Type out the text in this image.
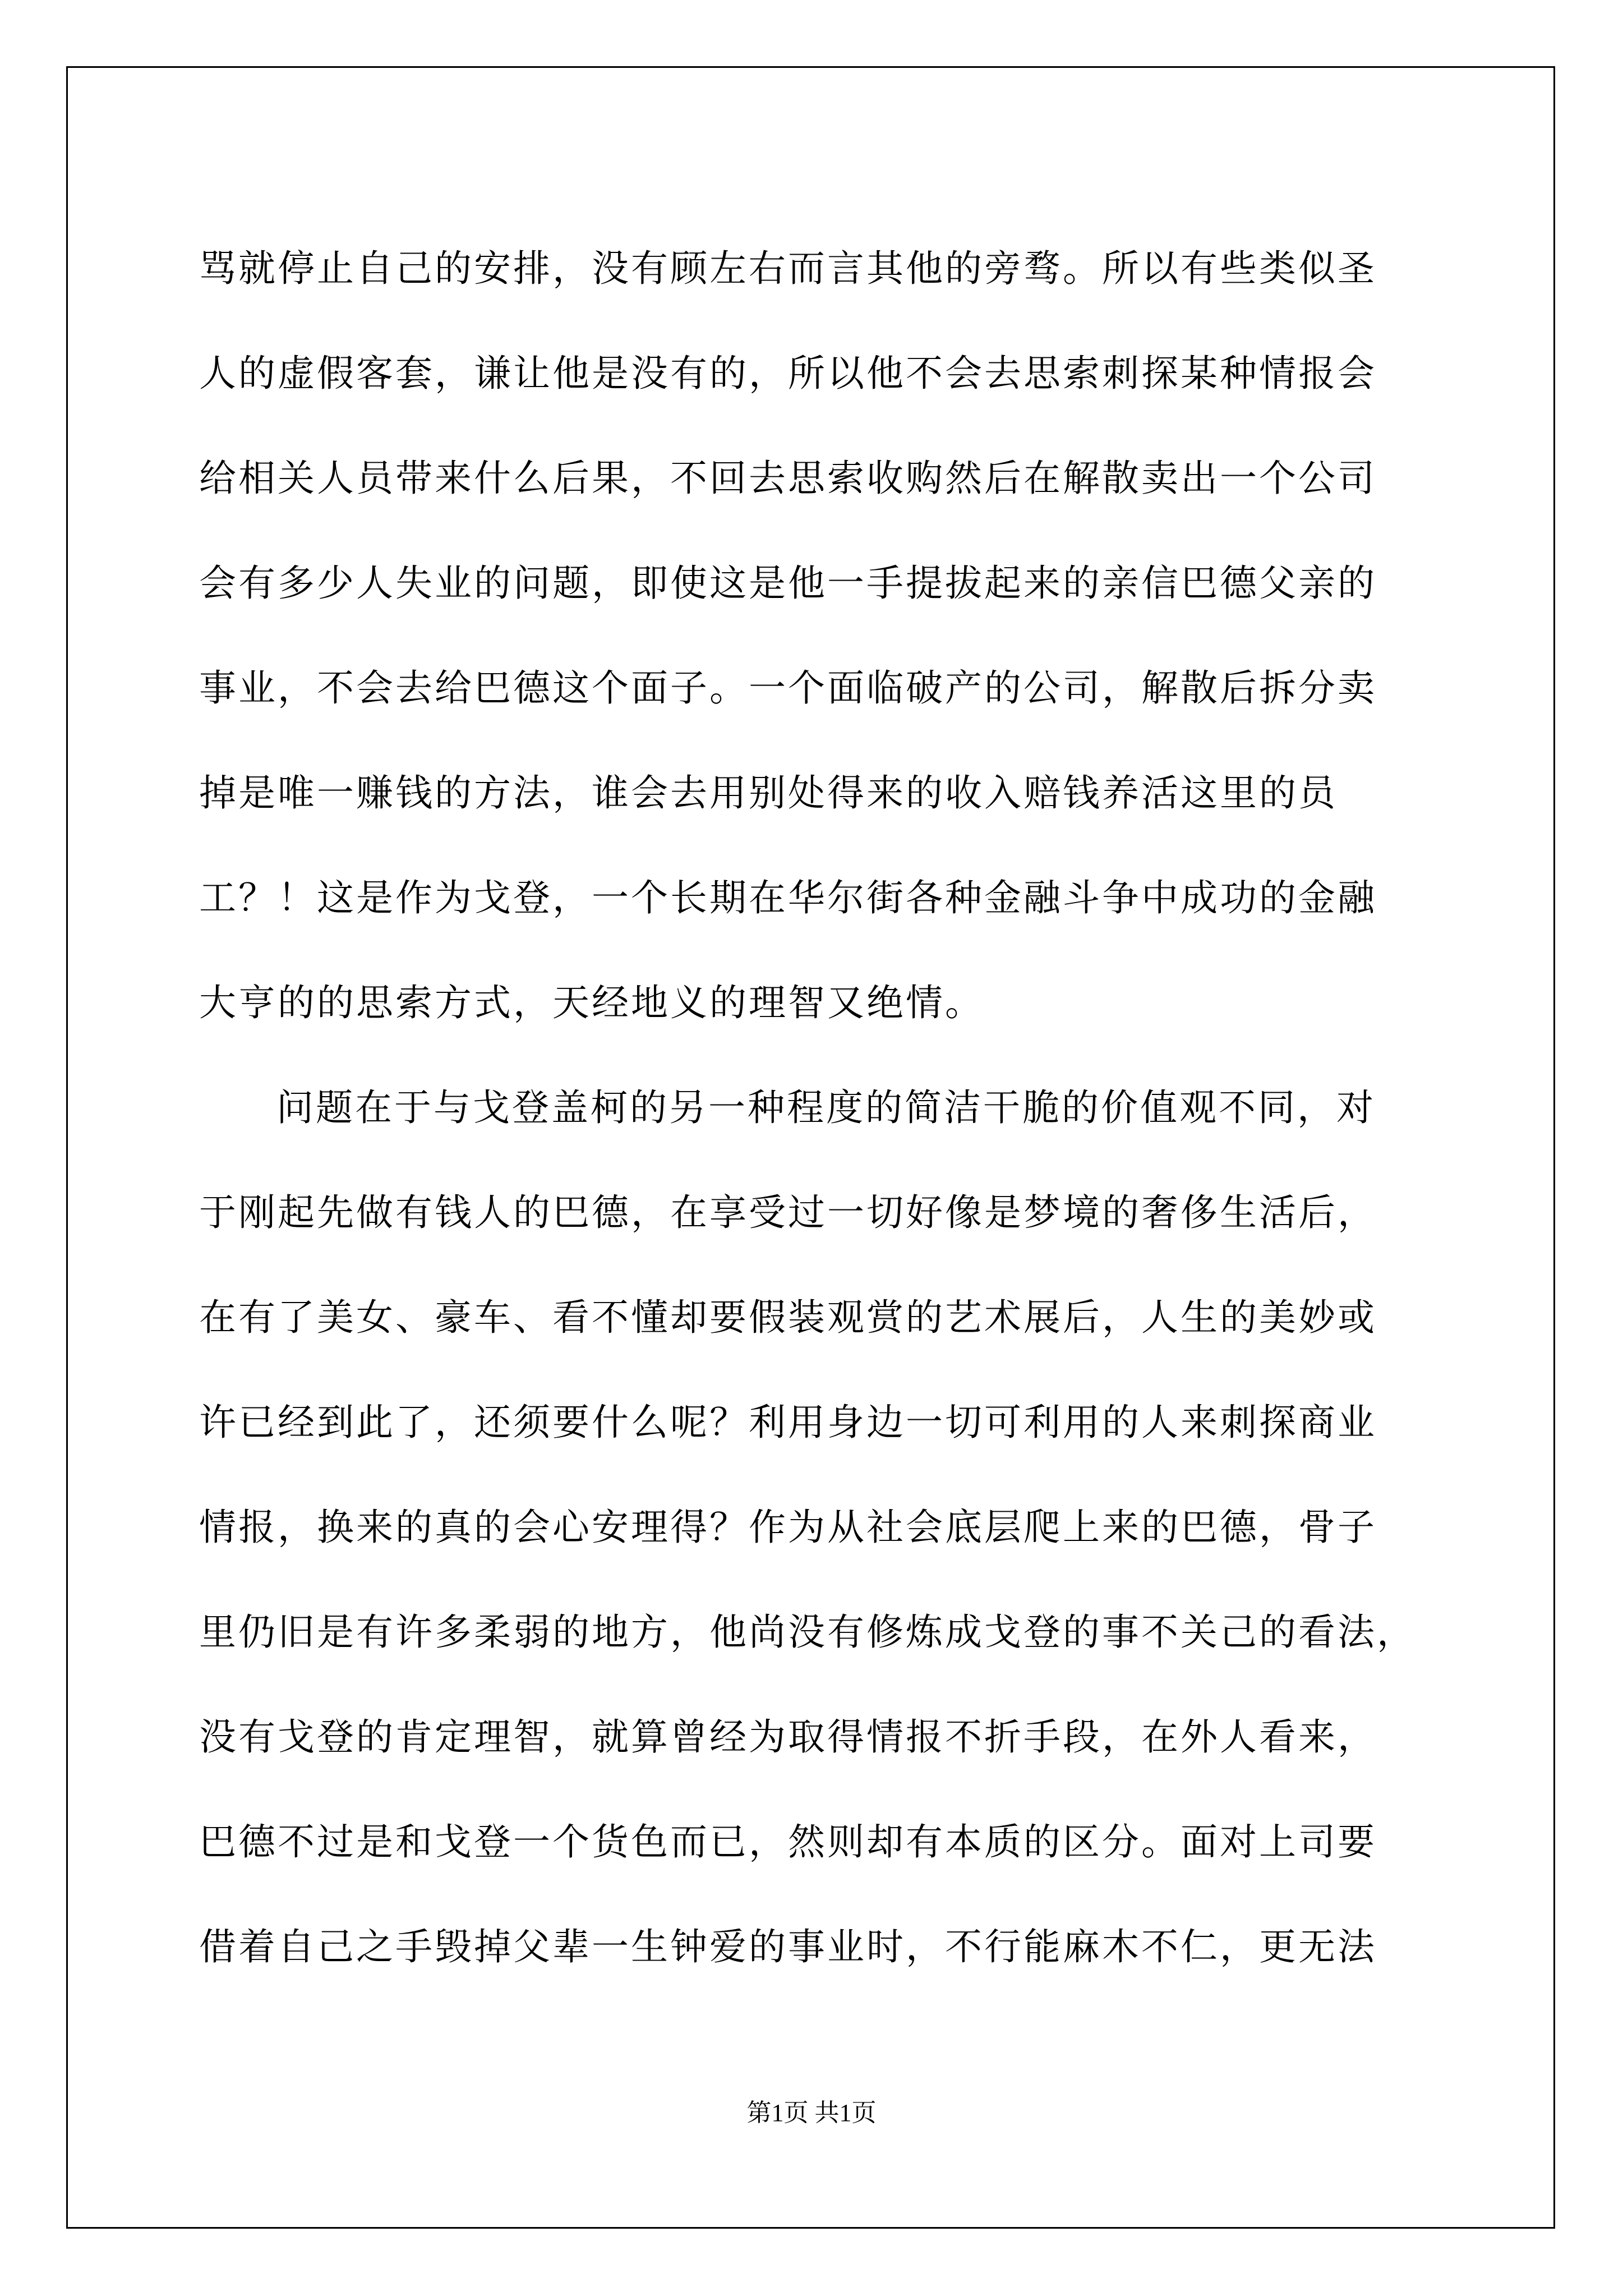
骂就停止自己的安排，没有顾左右而言其他的旁骛。所以有些类似圣
人的虚假客套，谦让他是没有的，所以他不会去思索刺探某种情报会
给相关人员带来什么后果，不回去思索收购然后在解散卖出一个公司
会有多少人失业的问题，即使这是他一手提拔起来的亲信巴德父亲的
事业，不会去给巴德这个面子。一个面临破产的公司，解散后拆分卖
掉是唯一赚钱的方法，谁会去用别处得来的收入赔钱养活这里的员
工？！这是作为戈登，一个长期在华尔街各种金融斗争中成功的金融
大亨的的思索方式，天经地义的理智又绝情。
问题在于与戈登盖柯的另一种程度的简洁干脆的价值观不同，对
于刚起先做有钱人的巴德，在享受过一切好像是梦境的奢侈生活后，
在有了美女、豪车、看不懂却要假装观赏的艺术展后，人生的美妙或
许已经到此了，还须要什么呢？利用身边一切可利用的人来刺探商业
情报，换来的真的会心安理得？作为从社会底层爬上来的巴德，骨子
里仍旧是有许多柔弱的地方，他尚没有修炼成戈登的事不关己的看法，
没有戈登的肯定理智，就算曾经为取得情报不折手段，在外人看来，
巴德不过是和戈登一个货色而已，然则却有本质的区分。面对上司要
借着自己之手毁掉父辈一生钟爱的事业时，不行能麻木不仁，更无法
第1页 共1页
